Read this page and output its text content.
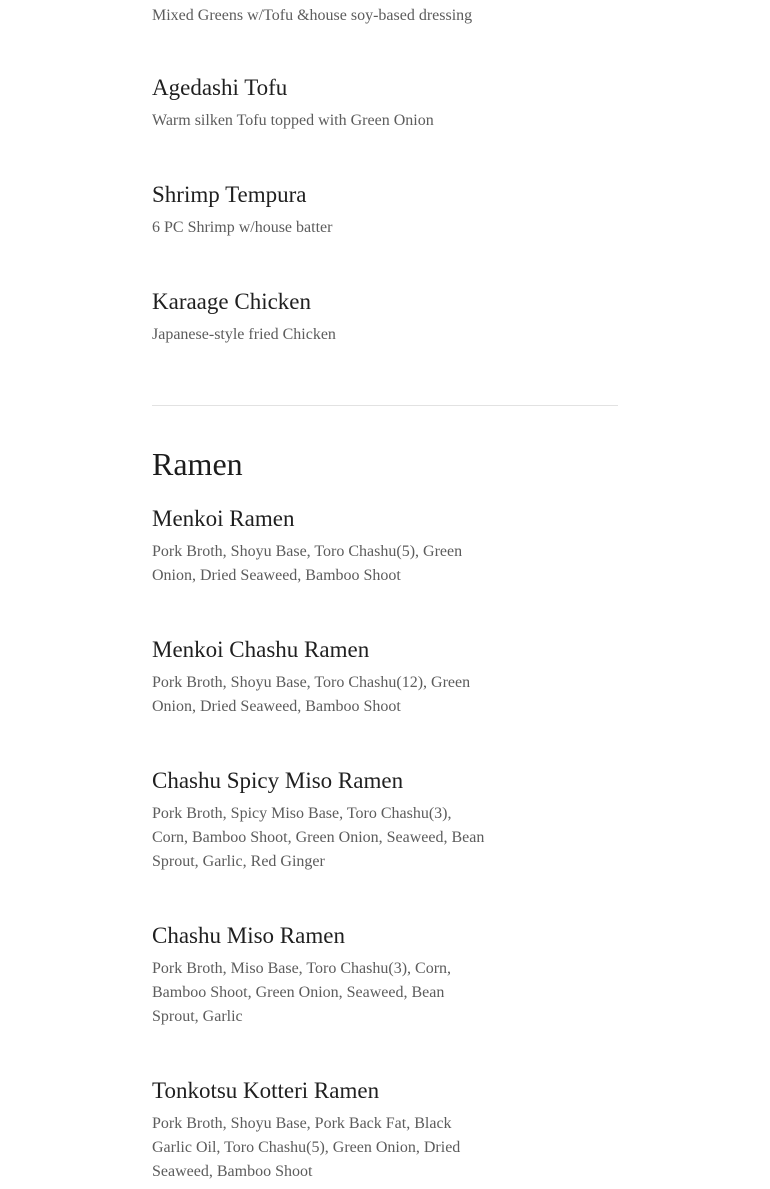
Mixed Greens w/Tofu &house soy-based dressing

Agedashi Tofu

Warm silken Tofu topped with Green Onion

Shrimp Tempura

6 PC Shrimp w/house batter

Karaage Chicken

Japanese-style fried Chicken

Ramen
Menkoi Ramen

Pork Broth, Shoyu Base, Toro Chashu(5), Green Onion, Dried Seaweed, Bamboo Shoot

Menkoi Chashu Ramen

Pork Broth, Shoyu Base, Toro Chashu(12), Green Onion, Dried Seaweed, Bamboo Shoot

Chashu Spicy Miso Ramen

Pork Broth, Spicy Miso Base, Toro Chashu(3), Corn, Bamboo Shoot, Green Onion, Seaweed, Bean Sprout, Garlic, Red Ginger

Chashu Miso Ramen

Pork Broth, Miso Base, Toro Chashu(3), Corn, Bamboo Shoot, Green Onion, Seaweed, Bean Sprout, Garlic

Tonkotsu Kotteri Ramen

Pork Broth, Shoyu Base, Pork Back Fat, Black Garlic Oil, Toro Chashu(5), Green Onion, Dried Seaweed, Bamboo Shoot
